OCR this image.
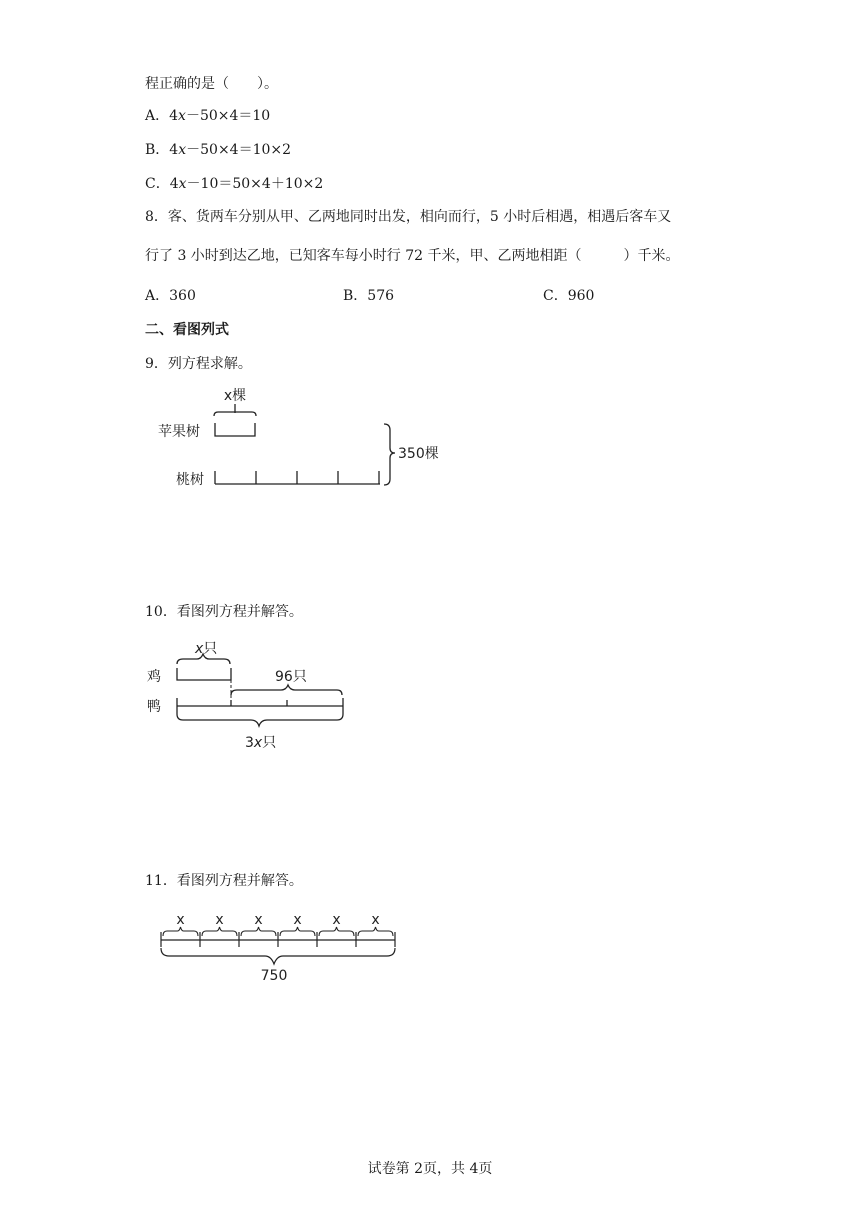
程正确的是（　　）。
A．4x－50×4＝10
B．4x－50×4＝10×2
C．4x－10＝50×4＋10×2
8．客、货两车分别从甲、乙两地同时出发，相向而行，5 小时后相遇，相遇后客车又
行了 3 小时到达乙地，已知客车每小时行 72 千米，甲、乙两地相距（　　　）千米。
A．360	B．576	C．960
二、看图列式
9．列方程求解。
x棵
苹果树
桃树
350棵
10．看图列方程并解答。
x只
鸡	96只
鸭
3x只
11．看图列方程并解答。
x x x x x x
750
试卷第 2页，共 4页
